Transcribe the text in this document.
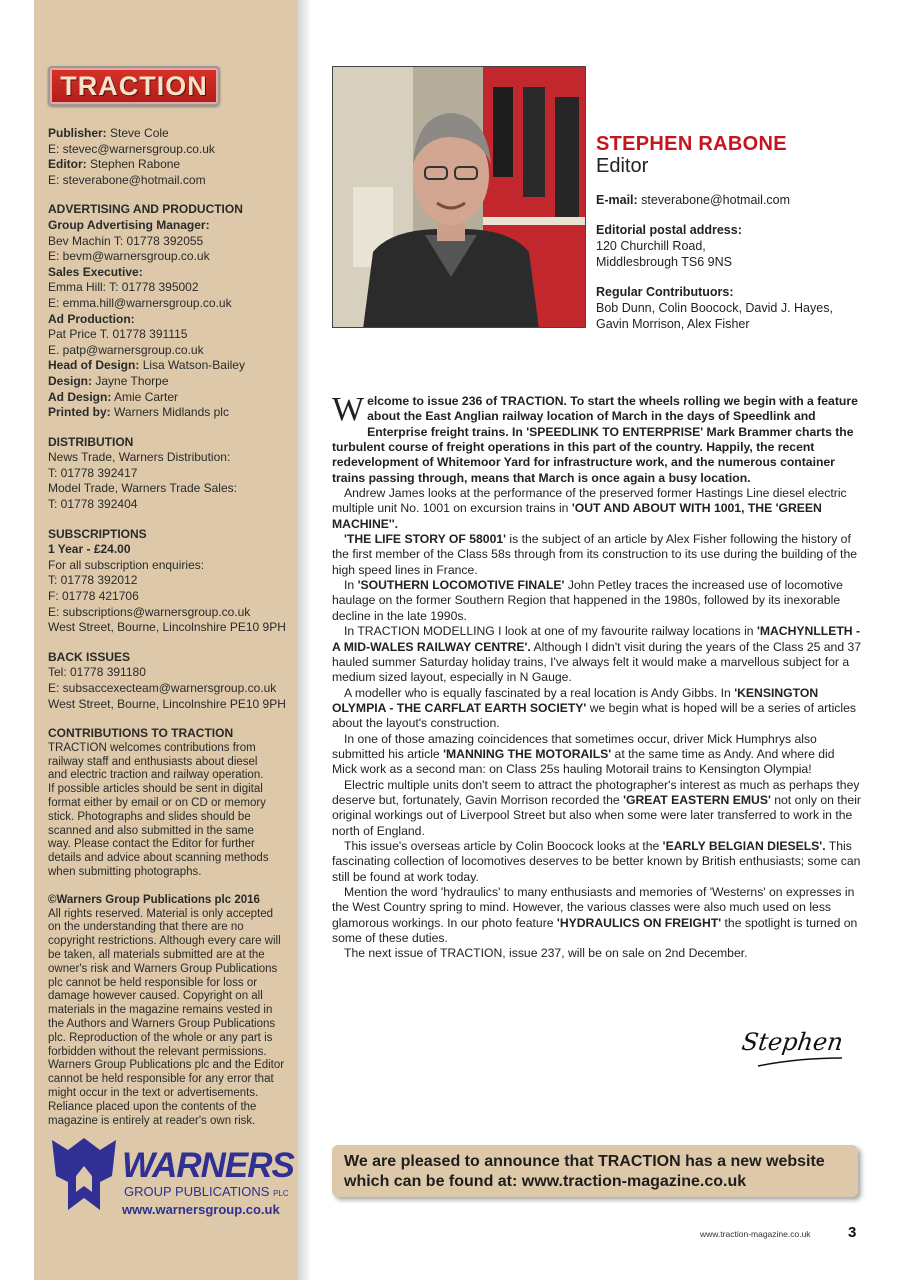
TRACTION
Publisher: Steve Cole
E: stevec@warnersgroup.co.uk
Editor: Stephen Rabone
E: steverabone@hotmail.com
ADVERTISING AND PRODUCTION
Group Advertising Manager:
Bev Machin T: 01778 392055
E: bevm@warnersgroup.co.uk
Sales Executive:
Emma Hill: T: 01778 395002
E: emma.hill@warnersgroup.co.uk
Ad Production:
Pat Price T. 01778 391115
E. patp@warnersgroup.co.uk
Head of Design: Lisa Watson-Bailey
Design: Jayne Thorpe
Ad Design: Amie Carter
Printed by: Warners Midlands plc
DISTRIBUTION
News Trade, Warners Distribution:
T: 01778 392417
Model Trade, Warners Trade Sales:
T: 01778 392404
SUBSCRIPTIONS
1 Year - £24.00
For all subscription enquiries:
T: 01778 392012
F: 01778 421706
E: subscriptions@warnersgroup.co.uk
West Street, Bourne, Lincolnshire PE10 9PH
BACK ISSUES
Tel: 01778 391180
E: subsaccexecteam@warnersgroup.co.uk
West Street, Bourne, Lincolnshire PE10 9PH
CONTRIBUTIONS TO TRACTION
TRACTION welcomes contributions from
railway staff and enthusiasts about diesel
and electric traction and railway operation.
If possible articles should be sent in digital
format either by email or on CD or memory
stick. Photographs and slides should be
scanned and also submitted in the same
way. Please contact the Editor for further
details and advice about scanning methods
when submitting photographs.
©Warners Group Publications plc 2016
All rights reserved. Material is only accepted
on the understanding that there are no
copyright restrictions. Although every care will
be taken, all materials submitted are at the
owner's risk and Warners Group Publications
plc cannot be held responsible for loss or
damage however caused. Copyright on all
materials in the magazine remains vested in
the Authors and Warners Group Publications
plc. Reproduction of the whole or any part is
forbidden without the relevant permissions.
Warners Group Publications plc and the Editor
cannot be held responsible for any error that
might occur in the text or advertisements.
Reliance placed upon the contents of the
magazine is entirely at reader's own risk.
WARNERS
GROUP PUBLICATIONS PLC
www.warnersgroup.co.uk
STEPHEN RABONE
Editor
E-mail: steverabone@hotmail.com
Editorial postal address:
120 Churchill Road,
Middlesbrough TS6 9NS
Regular Contributuors:
Bob Dunn, Colin Boocock, David J. Hayes,
Gavin Morrison, Alex Fisher

Welcome to issue 236 of TRACTION. To start the wheels rolling we begin with a feature about the East Anglian railway location of March in the days of Speedlink and Enterprise freight trains. In 'SPEEDLINK TO ENTERPRISE' Mark Brammer charts the turbulent course of freight operations in this part of the country. Happily, the recent redevelopment of Whitemoor Yard for infrastructure work, and the numerous container trains passing through, means that March is once again a busy location.

Andrew James looks at the performance of the preserved former Hastings Line diesel electric multiple unit No. 1001 on excursion trains in 'OUT AND ABOUT WITH 1001, THE 'GREEN MACHINE''.

'THE LIFE STORY OF 58001' is the subject of an article by Alex Fisher following the history of the first member of the Class 58s through from its construction to its use during the building of the high speed lines in France.

In 'SOUTHERN LOCOMOTIVE FINALE' John Petley traces the increased use of locomotive haulage on the former Southern Region that happened in the 1980s, followed by its inexorable decline in the late 1990s.

In TRACTION MODELLING I look at one of my favourite railway locations in 'MACHYNLLETH - A MID-WALES RAILWAY CENTRE'. Although I didn't visit during the years of the Class 25 and 37 hauled summer Saturday holiday trains, I've always felt it would make a marvellous subject for a medium sized layout, especially in N Gauge.

A modeller who is equally fascinated by a real location is Andy Gibbs. In 'KENSINGTON OLYMPIA - THE CARFLAT EARTH SOCIETY' we begin what is hoped will be a series of articles about the layout's construction.

In one of those amazing coincidences that sometimes occur, driver Mick Humphrys also submitted his article 'MANNING THE MOTORAILS' at the same time as Andy. And where did Mick work as a second man: on Class 25s hauling Motorail trains to Kensington Olympia!

Electric multiple units don't seem to attract the photographer's interest as much as perhaps they deserve but, fortunately, Gavin Morrison recorded the 'GREAT EASTERN EMUS' not only on their original workings out of Liverpool Street but also when some were later transferred to work in the north of England.

This issue's overseas article by Colin Boocock looks at the 'EARLY BELGIAN DIESELS'. This fascinating collection of locomotives deserves to be better known by British enthusiasts; some can still be found at work today.

Mention the word 'hydraulics' to many enthusiasts and memories of 'Westerns' on expresses in the West Country spring to mind. However, the various classes were also much used on less glamorous workings. In our photo feature 'HYDRAULICS ON FREIGHT' the spotlight is turned on some of these duties.

The next issue of TRACTION, issue 237, will be on sale on 2nd December.

Stephen
We are pleased to announce that TRACTION has a new website
which can be found at: www.traction-magazine.co.uk
www.traction-magazine.co.uk 3
